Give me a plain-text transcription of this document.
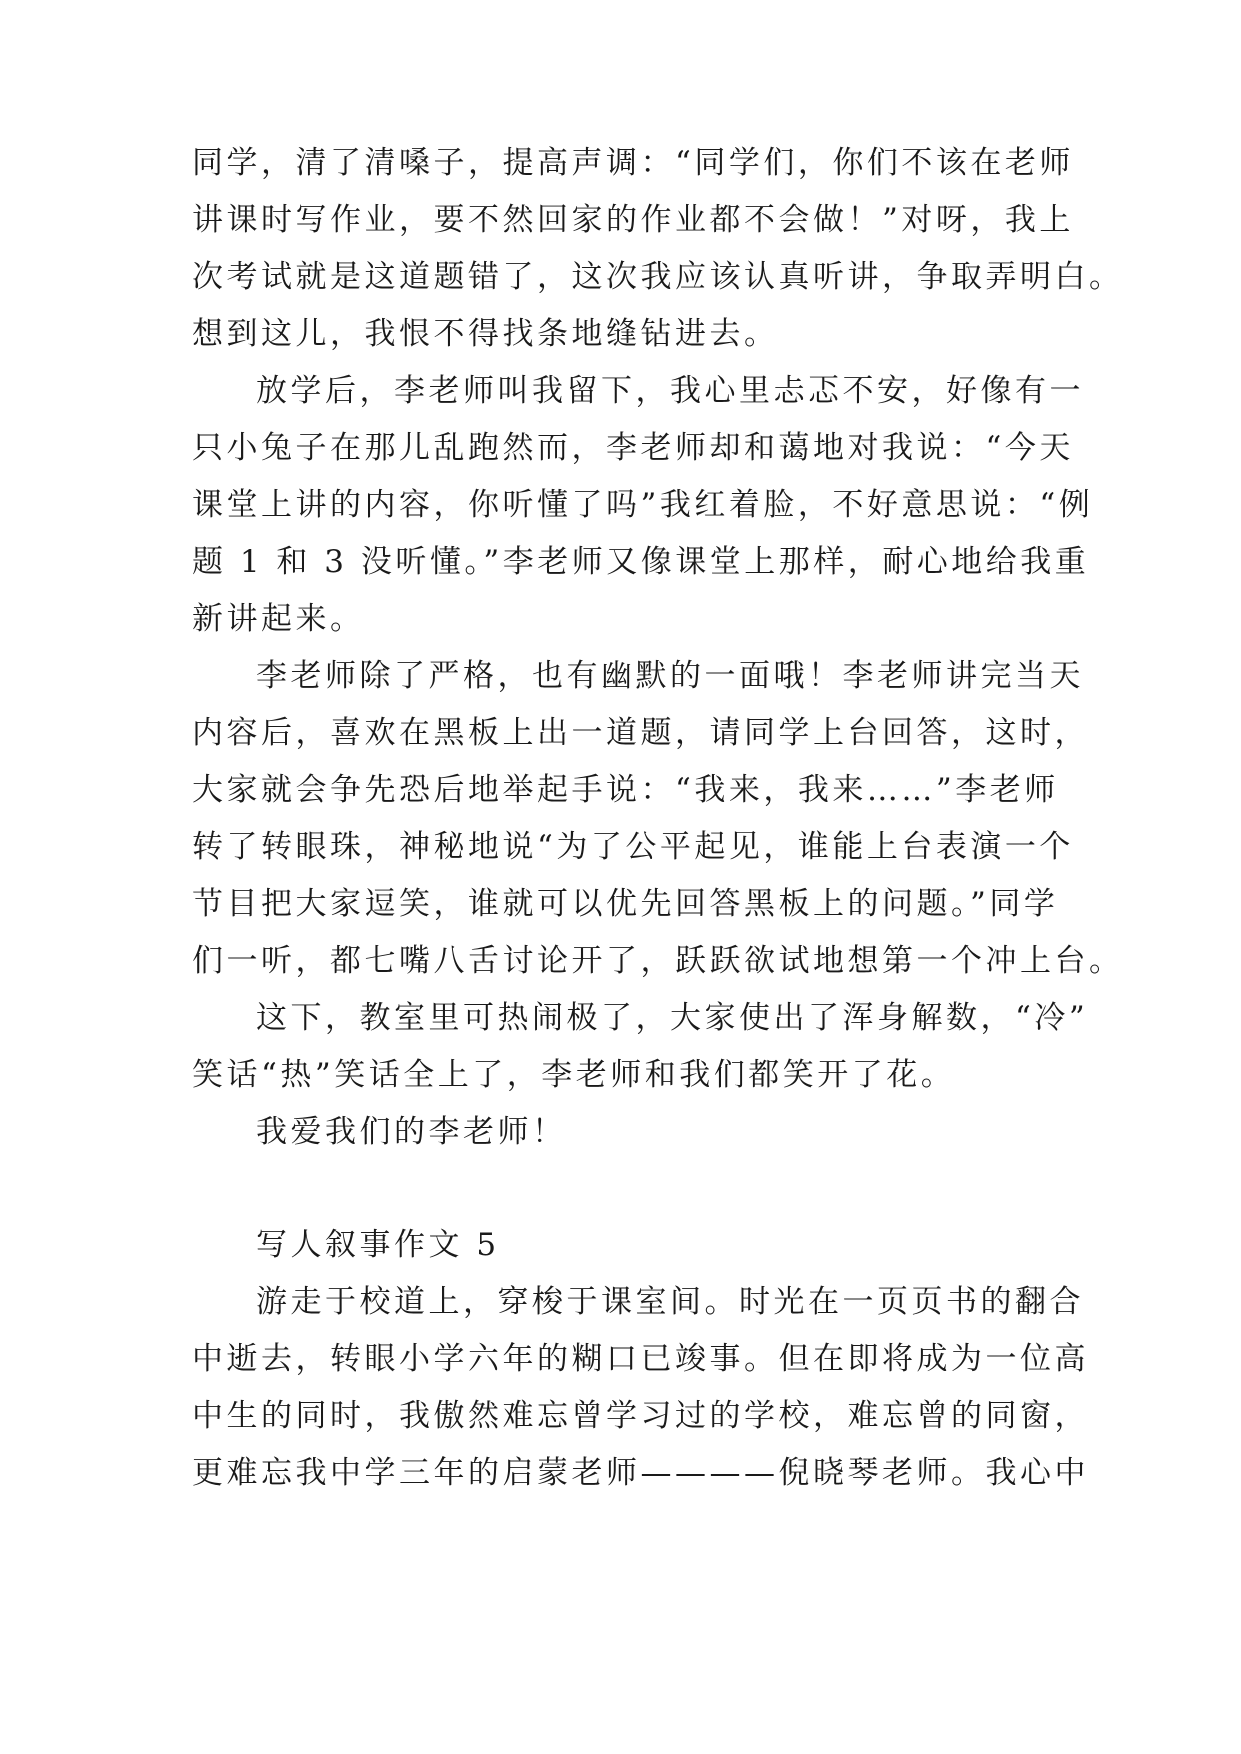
同学，清了清嗓子，提高声调：“同学们，你们不该在老师
讲课时写作业，要不然回家的作业都不会做！”对呀，我上
次考试就是这道题错了，这次我应该认真听讲，争取弄明白。
想到这儿，我恨不得找条地缝钻进去。
放学后，李老师叫我留下，我心里忐忑不安，好像有一
只小兔子在那儿乱跑然而，李老师却和蔼地对我说：“今天
课堂上讲的内容，你听懂了吗”我红着脸，不好意思说：“例
题 1 和 3 没听懂。”李老师又像课堂上那样，耐心地给我重
新讲起来。
李老师除了严格，也有幽默的一面哦！李老师讲完当天
内容后，喜欢在黑板上出一道题，请同学上台回答，这时，
大家就会争先恐后地举起手说：“我来，我来……”李老师
转了转眼珠，神秘地说“为了公平起见，谁能上台表演一个
节目把大家逗笑，谁就可以优先回答黑板上的问题。”同学
们一听，都七嘴八舌讨论开了，跃跃欲试地想第一个冲上台。
这下，教室里可热闹极了，大家使出了浑身解数，“冷”
笑话“热”笑话全上了，李老师和我们都笑开了花。
我爱我们的李老师！
写人叙事作文 5
游走于校道上，穿梭于课室间。时光在一页页书的翻合
中逝去，转眼小学六年的糊口已竣事。但在即将成为一位高
中生的同时，我傲然难忘曾学习过的学校，难忘曾的同窗，
更难忘我中学三年的启蒙老师————倪晓琴老师。我心中
